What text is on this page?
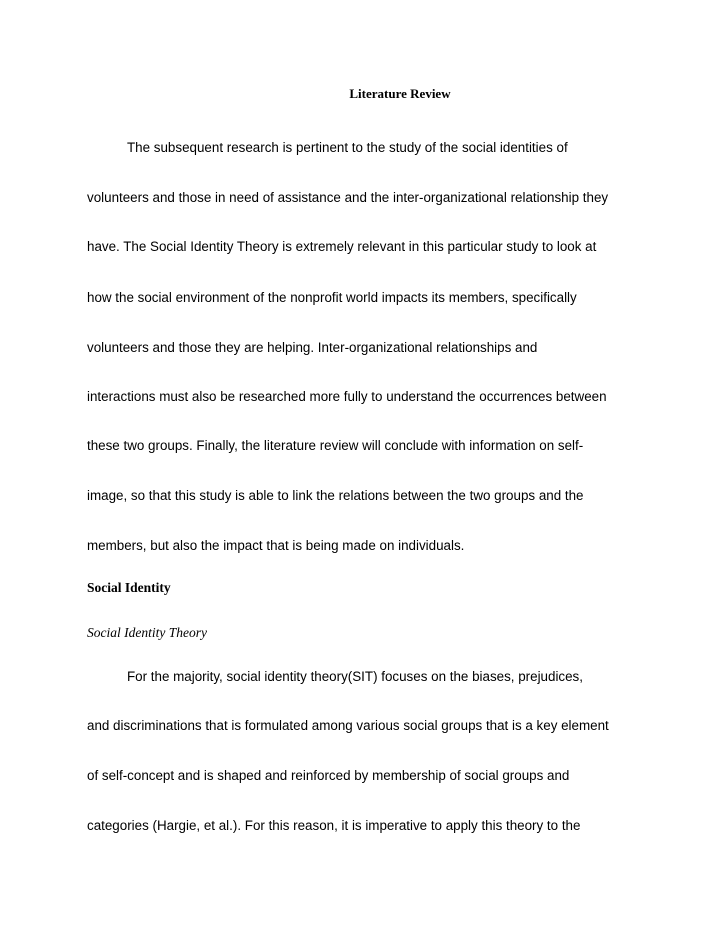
Literature Review
The subsequent research is pertinent to the study of the social identities of
volunteers and those in need of assistance and the inter-organizational relationship they
have. The Social Identity Theory is extremely relevant in this particular study to look at
how the social environment of the nonprofit world impacts its members, specifically
volunteers and those they are helping. Inter-organizational relationships and
interactions must also be researched more fully to understand the occurrences between
these two groups. Finally, the literature review will conclude with information on self-
image, so that this study is able to link the relations between the two groups and the
members, but also the impact that is being made on individuals.
Social Identity
Social Identity Theory
For the majority, social identity theory(SIT) focuses on the biases, prejudices,
and discriminations that is formulated among various social groups that is a key element
of self-concept and is shaped and reinforced by membership of social groups and
categories (Hargie, et al.). For this reason, it is imperative to apply this theory to the
